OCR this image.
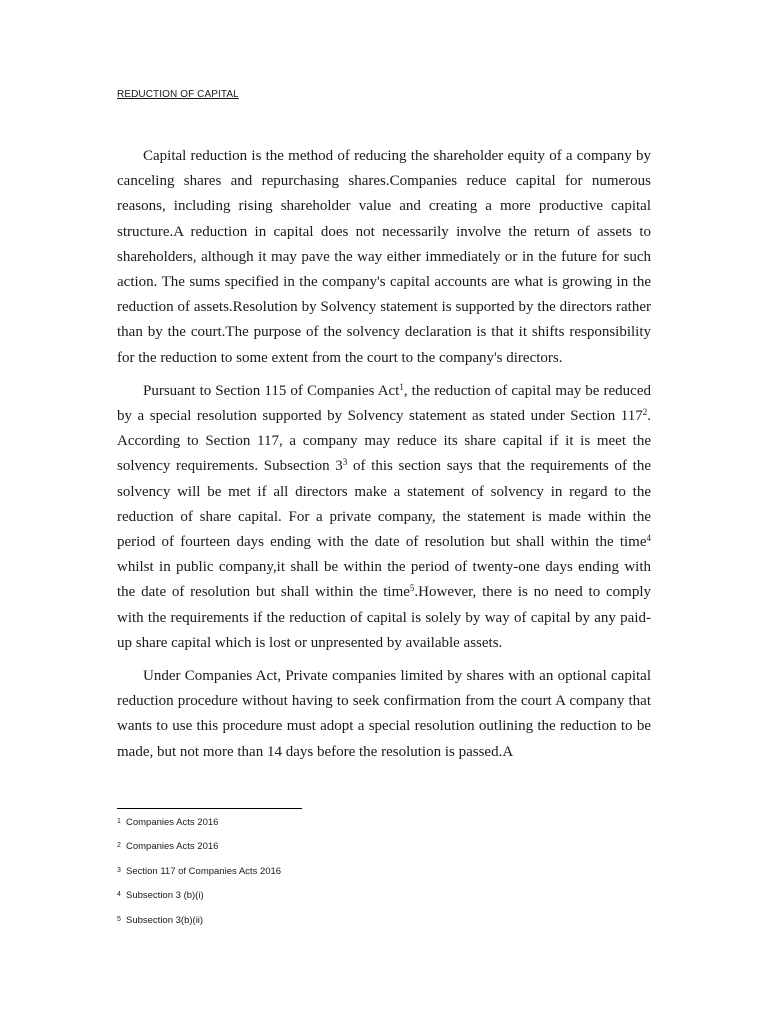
REDUCTION OF CAPITAL

Capital reduction is the method of reducing the shareholder equity of a company by canceling shares and repurchasing shares.Companies reduce capital for numerous reasons, including rising shareholder value and creating a more productive capital structure.A reduction in capital does not necessarily involve the return of assets to shareholders, although it may pave the way either immediately or in the future for such action. The sums specified in the company's capital accounts are what is growing in the reduction of assets.Resolution by Solvency statement is supported by the directors rather than by the court.The purpose of the solvency declaration is that it shifts responsibility for the reduction to some extent from the court to the company's directors.

Pursuant to Section 115 of Companies Act$^1$, the reduction of capital may be reduced by a special resolution supported by Solvency statement as stated under Section $117^2$. According to Section 117, a company may reduce its share capital if it is meet the solvency requirements. Subsection $3^3$ of this section says that the requirements of the solvency will be met if all directors make a statement of solvency in regard to the reduction of share capital. For a private company, the statement is made within the period of fourteen days ending with the date of resolution but shall within the time$^4$ whilst in public company,it shall be within the period of twenty-one days ending with the date of resolution but shall within the time$^5$.However, there is no need to comply with the requirements if the reduction of capital is solely by way of capital by any paid-up share capital which is lost or unpresented by available assets.

Under Companies Act, Private companies limited by shares with an optional capital reduction procedure without having to seek confirmation from the court A company that wants to use this procedure must adopt a special resolution outlining the reduction to be made, but not more than 14 days before the resolution is passed.A

1 Companies Acts 2016
2 Companies Acts 2016
3 Section 117 of Companies Acts 2016
4 Subsection 3 (b)(i)
5 Subsection 3(b)(ii)
